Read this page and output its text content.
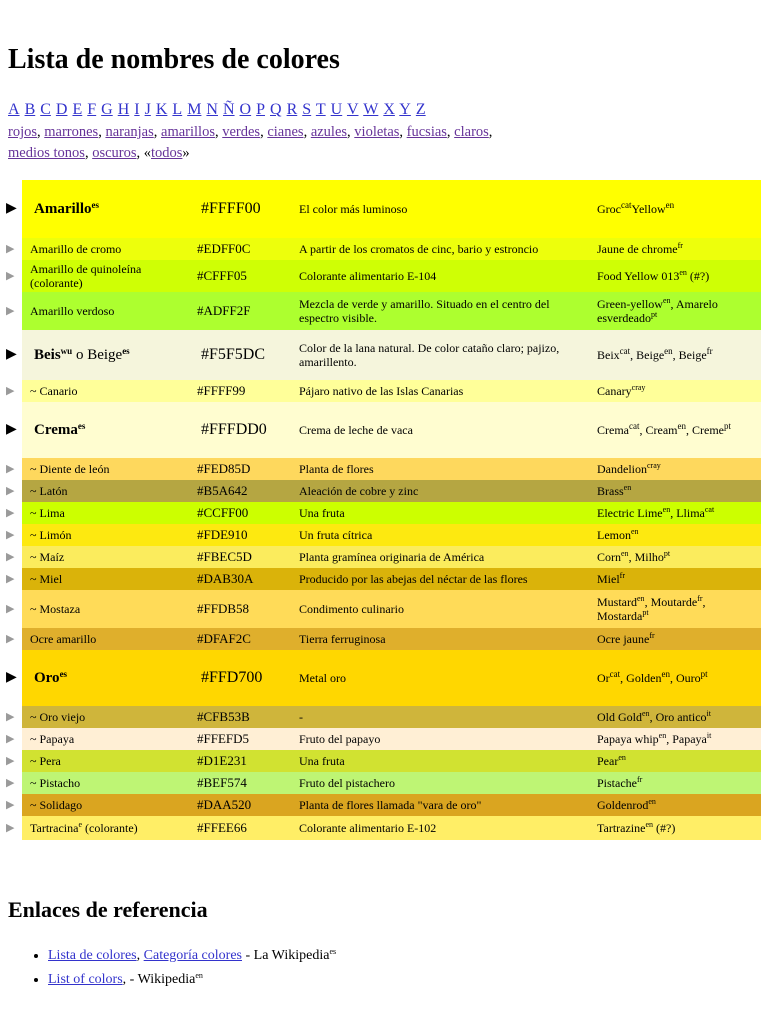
Lista de nombres de colores
A B C D E F G H I J K L M N Ñ O P Q R S T U V W X Y Z
rojos, marrones, naranjas, amarillos, verdes, cianes, azules, violetas, fucsias, claros, medios tonos, oscuros, «todos»
▶	Amarillo$^{es}$	#FFFF00	El color más luminoso	Groc$^{cat}$Yellow$^{en}$
▶	Amarillo de cromo	#EDFF0C	A partir de los cromatos de cinc, bario y estroncio	Jaune de chrome$^{fr}$
▶	Amarillo de quinoleína (colorante)	#CFFF05	Colorante alimentario E-104	Food Yellow $013^{en}$ (#?)
▶	Amarillo verdoso	#ADFF2F	Mezcla de verde y amarillo. Situado en el centro del espectro visible.	Green-yellow$^{en}$, Amarelo esverdeado$^{pt}$
▶	Beis$^{wu}$ o Beige$^{es}$	#F5F5DC	Color de la lana natural. De color cataño claro; pajizo, amarillento.	Beix$^{cat}$, Beige$^{en}$, Beige$^{fr}$
▶	~ Canario	#FFFF99	Pájaro nativo de las Islas Canarias	Canary$^{cray}$
▶	Crema$^{es}$	#FFFDD0	Crema de leche de vaca	Crema$^{cat}$, Cream$^{en}$, Creme$^{pt}$
▶	~ Diente de león	#FED85D	Planta de flores	Dandelion$^{cray}$
▶	~ Latón	#B5A642	Aleación de cobre y zinc	Brass$^{en}$
▶	~ Lima	#CCFF00	Una fruta	Electric Lime$^{en}$, Llima$^{cat}$
▶	~ Limón	#FDE910	Un fruta cítrica	Lemon$^{en}$
▶	~ Maíz	#FBEC5D	Planta gramínea originaria de América	Corn$^{en}$, Milho$^{pt}$
▶	~ Miel	#DAB30A	Producido por las abejas del néctar de las flores	Miel$^{fr}$
▶	~ Mostaza	#FFDB58	Condimento culinario	Mustard$^{en}$, Moutarde$^{fr}$, Mostarda$^{pt}$
▶	Ocre amarillo	#DFAF2C	Tierra ferruginosa	Ocre jaune$^{fr}$
▶	Oro$^{es}$	#FFD700	Metal oro	$Or^{cat}$, Golden$^{en}$, Ouro$^{pt}$
▶	~ Oro viejo	#CFB53B	-	Old Gold$^{en}$, Oro antico$^{it}$
▶	~ Papaya	#FFEFD5	Fruto del papayo	Papaya whip$^{en}$, Papaya$^{it}$
▶	~ Pera	#D1E231	Una fruta	Pear$^{en}$
▶	~ Pistacho	#BEF574	Fruto del pistachero	Pistache$^{fr}$
▶	~ Solidago	#DAA520	Planta de flores llamada "vara de oro"	Goldenrod$^{en}$
▶	Tartracina$^e$ (colorante)	#FFEE66	Colorante alimentario E-102	Tartrazine$^{en}$ (#?)
Enlaces de referencia
• Lista de colores, Categoría colores - La Wikipedia$^{es}$
• List of colors, - Wikipedia$^{en}$
